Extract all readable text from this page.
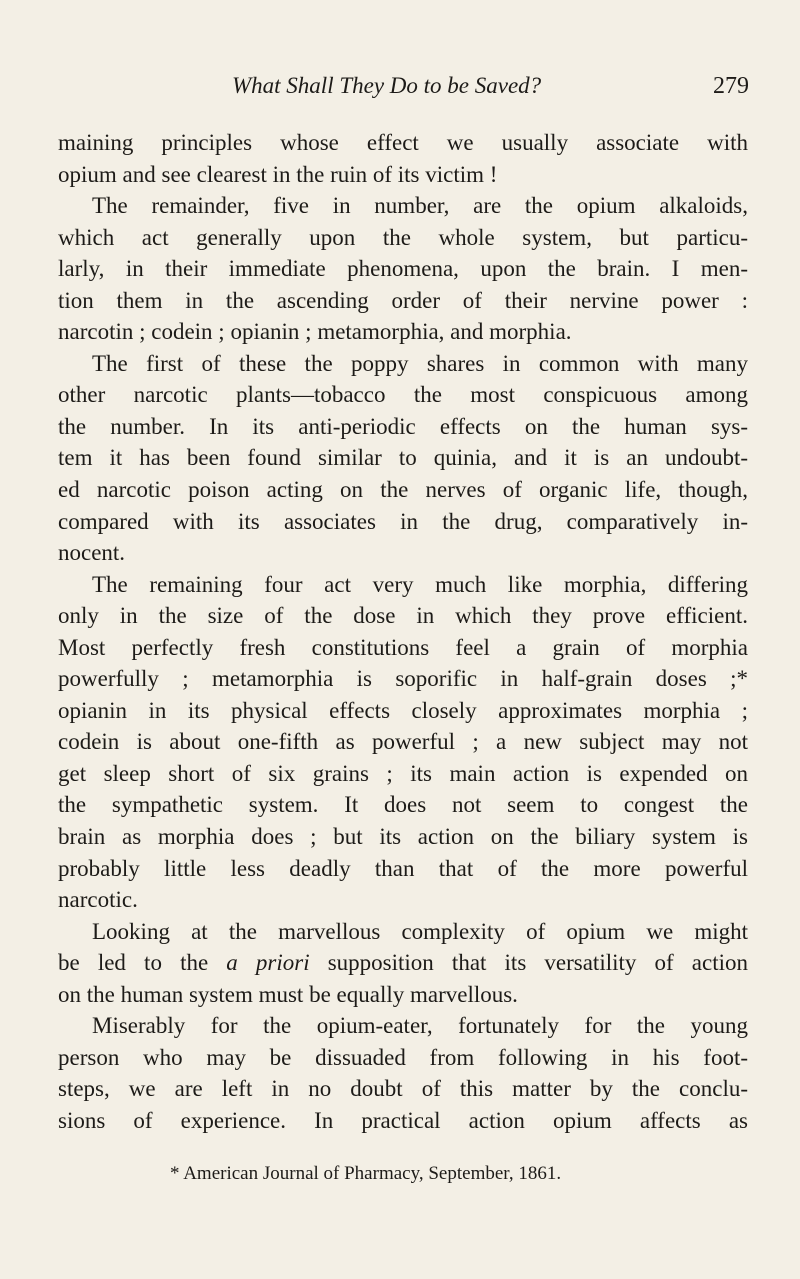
What Shall They Do to be Saved?	279
maining principles whose effect we usually associate with
opium and see clearest in the ruin of its victim !
The remainder, five in number, are the opium alkaloids,
which act generally upon the whole system, but particu-
larly, in their immediate phenomena, upon the brain. I men-
tion them in the ascending order of their nervine power :
narcotin ; codein ; opianin ; metamorphia, and morphia.
The first of these the poppy shares in common with many
other narcotic plants—tobacco the most conspicuous among
the number. In its anti-periodic effects on the human sys-
tem it has been found similar to quinia, and it is an undoubt-
ed narcotic poison acting on the nerves of organic life, though,
compared with its associates in the drug, comparatively in-
nocent.
The remaining four act very much like morphia, differing
only in the size of the dose in which they prove efficient.
Most perfectly fresh constitutions feel a grain of morphia
powerfully ; metamorphia is soporific in half-grain doses ;*
opianin in its physical effects closely approximates morphia ;
codein is about one-fifth as powerful ; a new subject may not
get sleep short of six grains ; its main action is expended on
the sympathetic system. It does not seem to congest the
brain as morphia does ; but its action on the biliary system is
probably little less deadly than that of the more powerful
narcotic.
Looking at the marvellous complexity of opium we might
be led to the a priori supposition that its versatility of action
on the human system must be equally marvellous.
Miserably for the opium-eater, fortunately for the young
person who may be dissuaded from following in his foot-
steps, we are left in no doubt of this matter by the conclu-
sions of experience. In practical action opium affects as
* American Journal of Pharmacy, September, 1861.
